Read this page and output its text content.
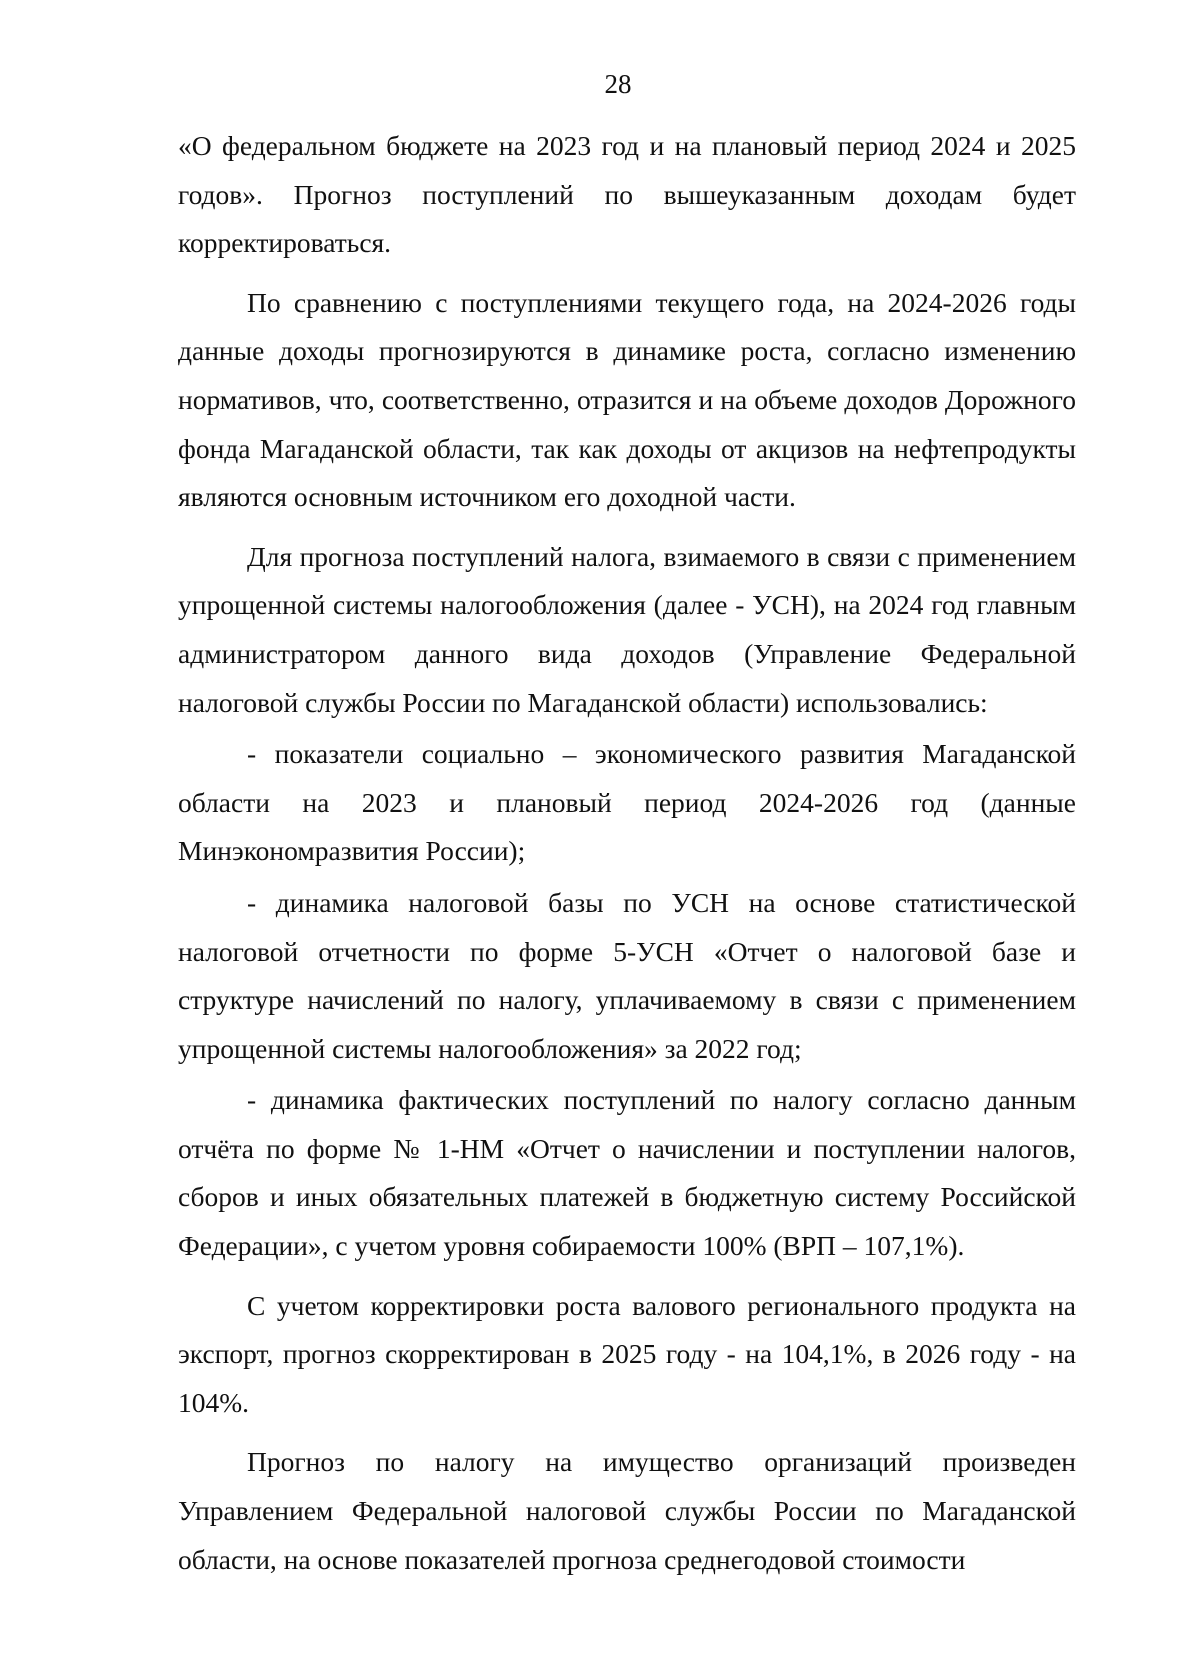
28

«О федеральном бюджете на 2023 год и на плановый период 2024 и 2025 годов». Прогноз поступлений по вышеуказанным доходам будет корректироваться.

По сравнению с поступлениями текущего года, на 2024-2026 годы данные доходы прогнозируются в динамике роста, согласно изменению нормативов, что, соответственно, отразится и на объеме доходов Дорожного фонда Магаданской области, так как доходы от акцизов на нефтепродукты являются основным источником его доходной части.

Для прогноза поступлений налога, взимаемого в связи с применением упрощенной системы налогообложения (далее - УСН), на 2024 год главным администратором данного вида доходов (Управление Федеральной налоговой службы России по Магаданской области) использовались:

- показатели социально – экономического развития Магаданской области на 2023 и плановый период 2024-2026 год (данные Минэкономразвития России);

- динамика налоговой базы по УСН на основе статистической налоговой отчетности по форме 5-УСН «Отчет о налоговой базе и структуре начислений по налогу, уплачиваемому в связи с применением упрощенной системы налогообложения» за 2022 год;

- динамика фактических поступлений по налогу согласно данным отчёта по форме № 1-НМ «Отчет о начислении и поступлении налогов, сборов и иных обязательных платежей в бюджетную систему Российской Федерации», с учетом уровня собираемости 100% (ВРП – 107,1%).

С учетом корректировки роста валового регионального продукта на экспорт, прогноз скорректирован в 2025 году - на 104,1%, в 2026 году - на 104%.

Прогноз по налогу на имущество организаций произведен Управлением Федеральной налоговой службы России по Магаданской области, на основе показателей прогноза среднегодовой стоимости
